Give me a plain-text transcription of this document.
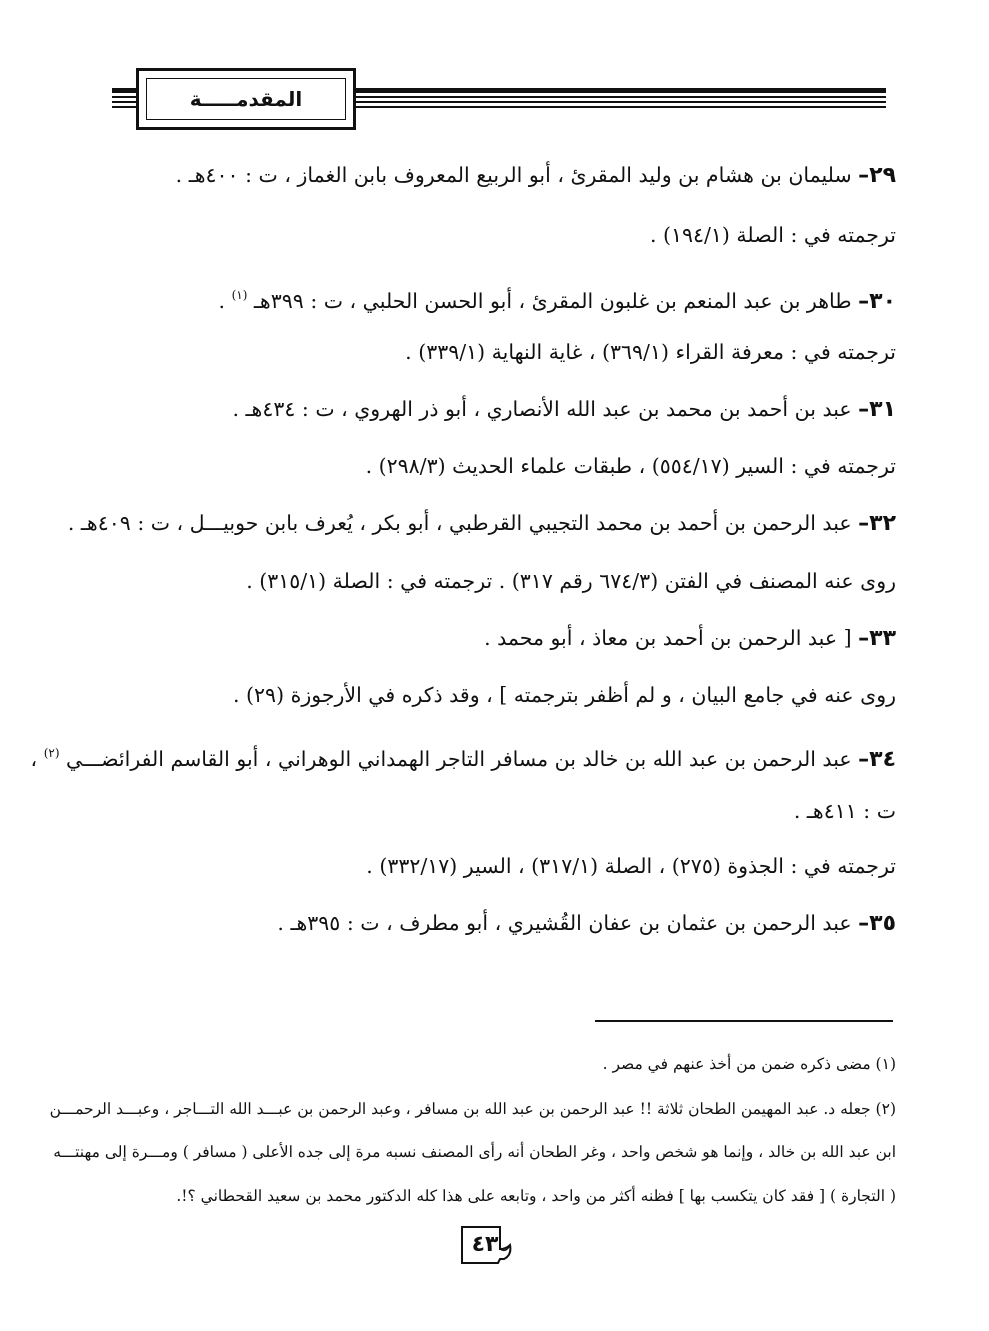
المقدمـــــة
٢٩– سليمان بن هشام بن وليد المقرئ ، أبو الربيع المعروف بابن الغماز ، ت : ٤٠٠هـ .
ترجمته في : الصلة (١٩٤/١) .
٣٠– طاهر بن عبد المنعم بن غلبون المقرئ ، أبو الحسن الحلبي ، ت : ٣٩٩هـ $^{(١)}$ .
ترجمته في : معرفة القراء (٣٦٩/١) ، غاية النهاية (٣٣٩/١) .
٣١– عبد بن أحمد بن محمد بن عبد الله الأنصاري ، أبو ذر الهروي ، ت : ٤٣٤هـ .
ترجمته في : السير (٥٥٤/١٧) ، طبقات علماء الحديث (٢٩٨/٣) .
٣٢– عبد الرحمن بن أحمد بن محمد التجيبي القرطبي ، أبو بكر ، يُعرف بابن حوبيـــل ، ت : ٤٠٩هـ .
روى عنه المصنف في الفتن (٦٧٤/٣ رقم ٣١٧) . ترجمته في : الصلة (٣١٥/١) .
٣٣– [ عبد الرحمن بن أحمد بن معاذ ، أبو محمد .
روى عنه في جامع البيان ، و لم أظفر بترجمته ] ، وقد ذكره في الأرجوزة (٢٩) .
٣٤– عبد الرحمن بن عبد الله بن خالد بن مسافر التاجر الهمداني الوهراني ، أبو القاسم الفرائضـــي $^{(٢)}$ ،
ت : ٤١١هـ .
ترجمته في : الجذوة (٢٧٥) ، الصلة (٣١٧/١) ، السير (٣٣٢/١٧) .
٣٥– عبد الرحمن بن عثمان بن عفان القُشيري ، أبو مطرف ، ت : ٣٩٥هـ .
(١) مضى ذكره ضمن من أخذ عنهم في مصر .
(٢) جعله د. عبد المهيمن الطحان ثلاثة !! عبد الرحمن بن عبد الله بن مسافر ، وعبد الرحمن بن عبـــد الله التـــاجر ، وعبـــد الرحمـــن
ابن عبد الله بن خالد ، وإنما هو شخص واحد ، وغر الطحان أنه رأى المصنف نسبه مرة إلى جده الأعلى ( مسافر ) ومـــرة إلى مهنتـــه
( التجارة ) [ فقد كان يتكسب بها ] فظنه أكثر من واحد ، وتابعه على هذا كله الدكتور محمد بن سعيد القحطاني ؟!.
٤٣
